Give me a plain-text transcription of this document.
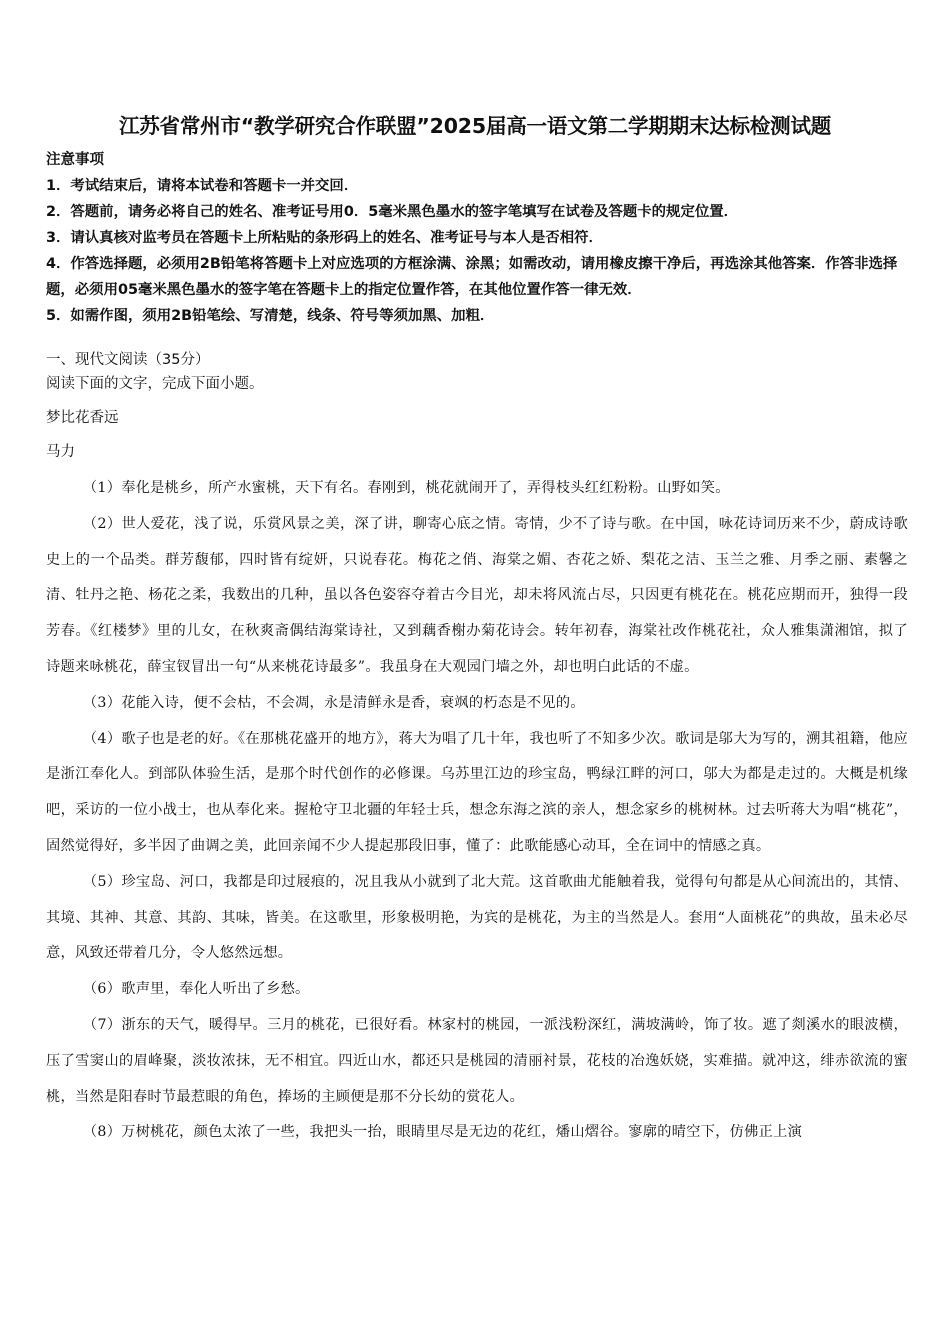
江苏省常州市“教学研究合作联盟”2025届高一语文第二学期期末达标检测试题
注意事项

1．考试结束后，请将本试卷和答题卡一并交回．

2．答题前，请务必将自己的姓名、准考证号用0．5毫米黑色墨水的签字笔填写在试卷及答题卡的规定位置．

3．请认真核对监考员在答题卡上所粘贴的条形码上的姓名、准考证号与本人是否相符．

4．作答选择题，必须用2B铅笔将答题卡上对应选项的方框涂满、涂黑；如需改动，请用橡皮擦干净后，再选涂其他答案．作答非选择题，必须用05毫米黑色墨水的签字笔在答题卡上的指定位置作答，在其他位置作答一律无效．

5．如需作图，须用2B铅笔绘、写清楚，线条、符号等须加黑、加粗．

一、现代文阅读（35分）
阅读下面的文字，完成下面小题。
梦比花香远
马力

（1）奉化是桃乡，所产水蜜桃，天下有名。春刚到，桃花就闹开了，弄得枝头红红粉粉。山野如笑。

（2）世人爱花，浅了说，乐赏风景之美，深了讲，聊寄心底之情。寄情，少不了诗与歌。在中国，咏花诗词历来不少，蔚成诗歌史上的一个品类。群芳馥郁，四时皆有绽妍，只说春花。梅花之俏、海棠之媚、杏花之娇、梨花之洁、玉兰之雅、月季之丽、素馨之清、牡丹之艳、杨花之柔，我数出的几种，虽以各色姿容夺着古今目光，却未将风流占尽，只因更有桃花在。桃花应期而开，独得一段芳春。《红楼梦》里的儿女，在秋爽斋偶结海棠诗社，又到藕香榭办菊花诗会。转年初春，海棠社改作桃花社，众人雅集潇湘馆，拟了诗题来咏桃花，薛宝钗冒出一句“从来桃花诗最多”。我虽身在大观园门墙之外，却也明白此话的不虚。

（3）花能入诗，便不会枯，不会凋，永是清鲜永是香，衰飒的朽态是不见的。

（4）歌子也是老的好。《在那桃花盛开的地方》，蒋大为唱了几十年，我也听了不知多少次。歌词是邬大为写的，溯其祖籍，他应是浙江奉化人。到部队体验生活，是那个时代创作的必修课。乌苏里江边的珍宝岛，鸭绿江畔的河口，邬大为都是走过的。大概是机缘吧，采访的一位小战士，也从奉化来。握枪守卫北疆的年轻士兵，想念东海之滨的亲人，想念家乡的桃树林。过去听蒋大为唱“桃花”，固然觉得好，多半因了曲调之美，此回亲闻不少人提起那段旧事，懂了：此歌能感心动耳，全在词中的情感之真。

（5）珍宝岛、河口，我都是印过屐痕的，况且我从小就到了北大荒。这首歌曲尤能触着我，觉得句句都是从心间流出的，其情、其境、其神、其意、其韵、其味，皆美。在这歌里，形象极明艳，为宾的是桃花，为主的当然是人。套用“人面桃花”的典故，虽未必尽意，风致还带着几分，令人悠然远想。

（6）歌声里，奉化人听出了乡愁。

（7）浙东的天气，暖得早。三月的桃花，已很好看。林家村的桃园，一派浅粉深红，满坡满岭，饰了妆。遮了剡溪水的眼波横，压了雪窦山的眉峰聚，淡妆浓抹，无不相宜。四近山水，都还只是桃园的清丽衬景，花枝的冶逸妖娆，实难描。就冲这，绯赤欲流的蜜桃，当然是阳春时节最惹眼的角色，捧场的主顾便是那不分长幼的赏花人。

（8）万树桃花，颜色太浓了一些，我把头一抬，眼睛里尽是无边的花红，燔山熠谷。寥廓的晴空下，仿佛正上演
